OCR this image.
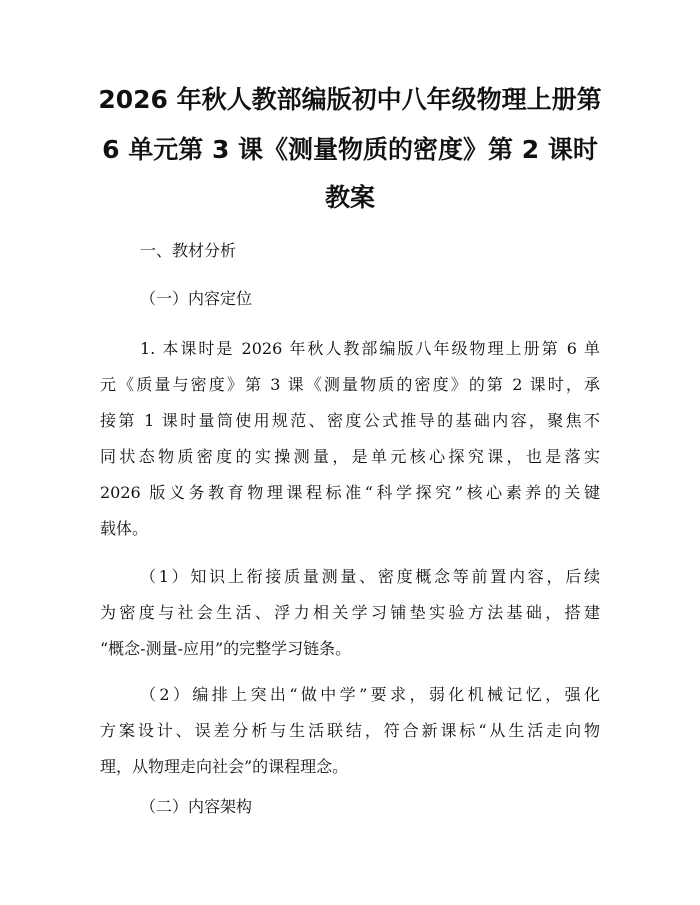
2026 年秋人教部编版初中八年级物理上册第
6 单元第 3 课《测量物质的密度》第 2 课时
教案
一、教材分析
（一）内容定位
1. 本课时是 2026 年秋人教部编版八年级物理上册第 6 单
元《质量与密度》第 3 课《测量物质的密度》的第 2 课时，承
接第 1 课时量筒使用规范、密度公式推导的基础内容，聚焦不
同状态物质密度的实操测量，是单元核心探究课，也是落实
2026 版义务教育物理课程标准“科学探究”核心素养的关键
载体。
（1）知识上衔接质量测量、密度概念等前置内容，后续
为密度与社会生活、浮力相关学习铺垫实验方法基础，搭建
“概念-测量-应用”的完整学习链条。
（2）编排上突出“做中学”要求，弱化机械记忆，强化
方案设计、误差分析与生活联结，符合新课标“从生活走向物
理，从物理走向社会”的课程理念。
（二）内容架构
